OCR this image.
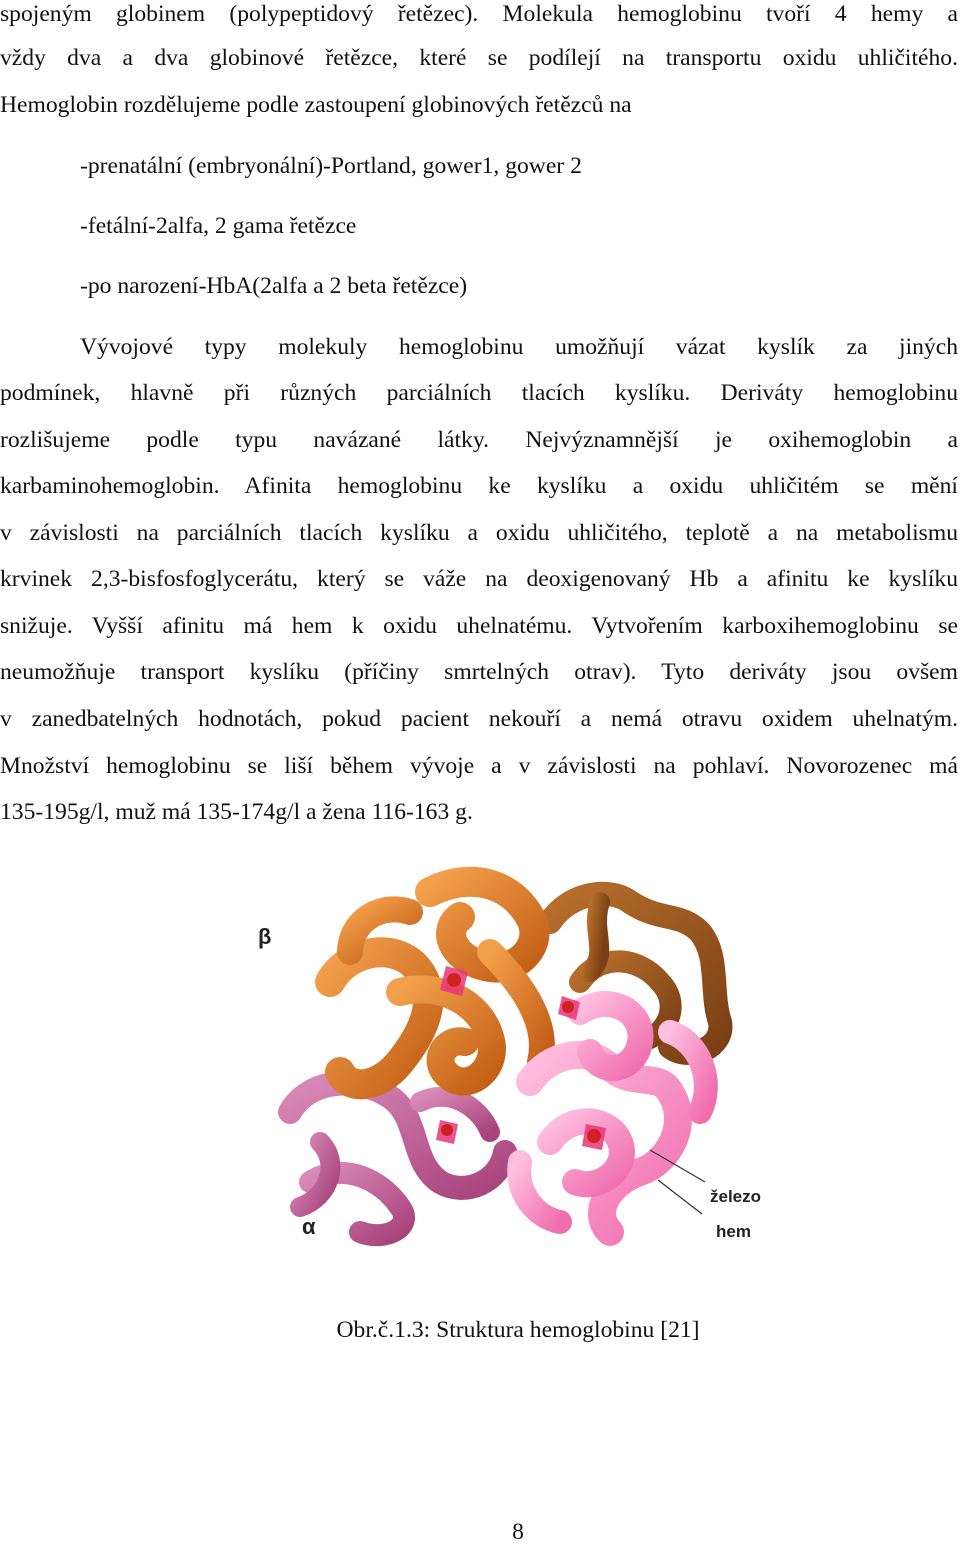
spojeným globinem (polypeptidový řetězec). Molekula hemoglobinu tvoří 4 hemy a
vždy dva a dva globinové řetězce, které se podílejí na transportu oxidu uhličitého.
Hemoglobin rozdělujeme podle zastoupení globinových řetězců na
-prenatální (embryonální)-Portland, gower1, gower 2
-fetální-2alfa, 2 gama řetězce
-po narození-HbA(2alfa a 2 beta řetězce)
Vývojové typy molekuly hemoglobinu umožňují vázat kyslík za jiných
podmínek, hlavně při různých parciálních tlacích kyslíku. Deriváty hemoglobinu
rozlišujeme podle typu navázané látky. Nejvýznamnější je oxihemoglobin a
karbaminohemoglobin. Afinita hemoglobinu ke kyslíku a oxidu uhličitém se mění
v závislosti na parciálních tlacích kyslíku a oxidu uhličitého, teplotě a na metabolismu
krvinek 2,3-bisfosfoglycerátu, který se váže na deoxigenovaný Hb a afinitu ke kyslíku
snižuje. Vyšší afinitu má hem k oxidu uhelnatému. Vytvořením karboxihemoglobinu se
neumožňuje transport kyslíku (příčiny smrtelných otrav). Tyto deriváty jsou ovšem
v zanedbatelných hodnotách, pokud pacient nekouří a nemá otravu oxidem uhelnatým.
Množství hemoglobinu se liší během vývoje a v závislosti na pohlaví. Novorozenec má
135-195g/l, muž má 135-174g/l a žena 116-163 g.
β
α
železo
hem
Obr.č.1.3: Struktura hemoglobinu [21]
8
